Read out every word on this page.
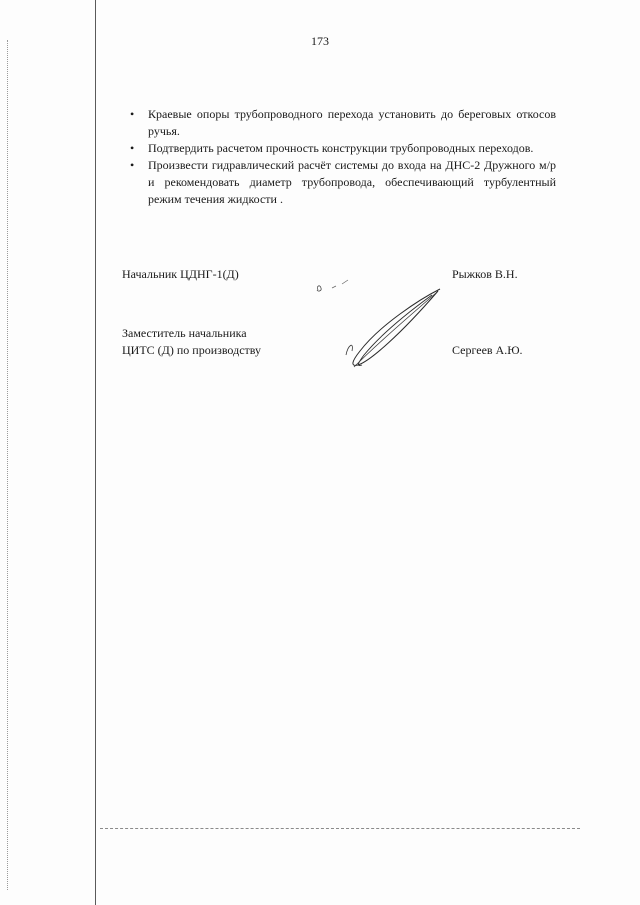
173
• Краевые опоры трубопроводного перехода установить до береговых откосов ручья.
• Подтвердить расчетом прочность конструкции трубопроводных переходов.
• Произвести гидравлический расчёт системы до входа на ДНС-2 Дружного м/р и рекомендовать диаметр трубопровода, обеспечивающий турбулентный режим течения жидкости .
Начальник ЦДНГ-1(Д)	Рыжков В.Н.
Заместитель начальника
ЦИТС (Д) по производству	Сергеев А.Ю.
